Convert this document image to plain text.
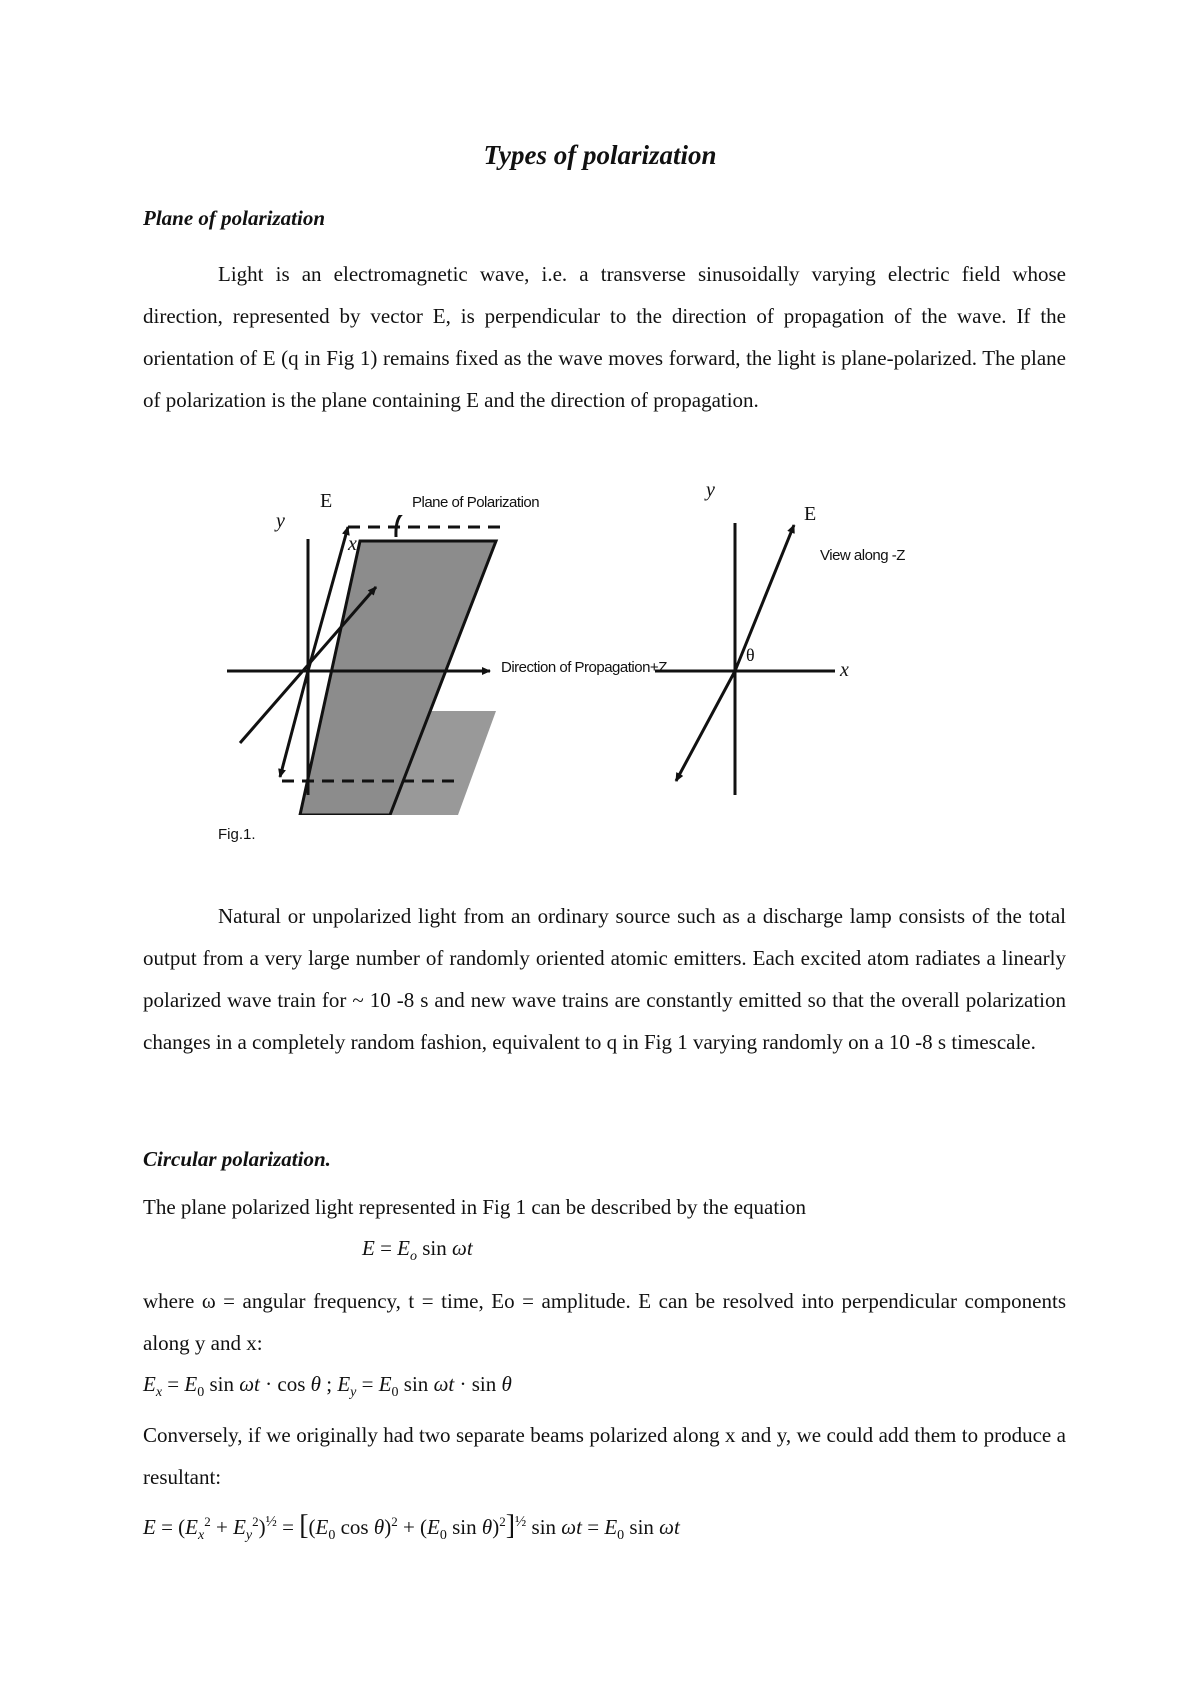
Types of polarization
Plane of polarization
Light is an electromagnetic wave, i.e. a transverse sinusoidally varying electric field whose direction, represented by vector E, is perpendicular to the direction of propagation of the wave. If the orientation of E (q in Fig 1) remains fixed as the wave moves forward, the light is plane-polarized. The plane of polarization is the plane containing E and the direction of propagation.
y
E
x
Plane of Polarization
Direction of Propagation+Z
y
E
x
View along -Z
θ
Fig.1.
Natural or unpolarized light from an ordinary source such as a discharge lamp consists of the total output from a very large number of randomly oriented atomic emitters. Each excited atom radiates a linearly polarized wave train for ~ 10 -8 s and new wave trains are constantly emitted so that the overall polarization changes in a completely random fashion, equivalent to q in Fig 1 varying randomly on a 10 -8 s timescale.
Circular polarization.
The plane polarized light represented in Fig 1 can be described by the equation
$E = E_o$ sin ωt
where ω = angular frequency, t = time, Eo = amplitude. E can be resolved into perpendicular components along y and x:
$E_x = E_0$ sin ωt · cos θ ; $E_y = E_0$ sin ωt · sin θ
Conversely, if we originally had two separate beams polarized along x and y, we could add them to produce a resultant:
$E = (E_x^2 + E_y^2)^{\frac{1}{2}} = [(E_0$ $\cos \theta)^2 + (E_0$ sin θ)$^2$]$^{\frac{1}{2}}$ $\sin \omega t = E_0$ sin ωt
